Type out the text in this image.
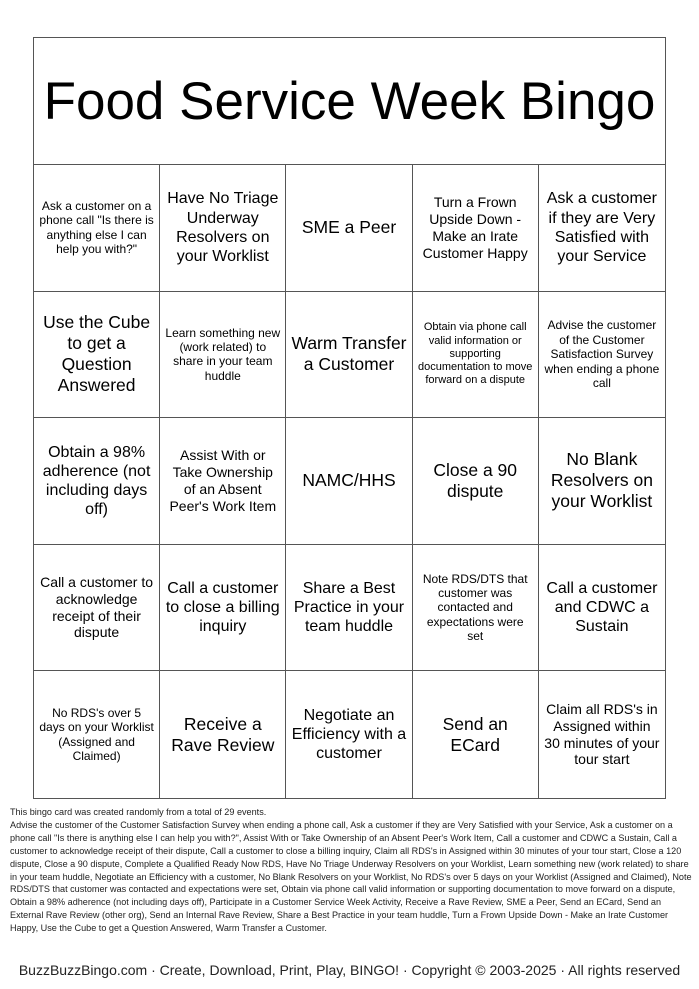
Food Service Week Bingo
Ask a customer on a phone call "Is there is anything else I can help you with?"
Have No Triage Underway Resolvers on your Worklist
SME a Peer
Turn a Frown Upside Down - Make an Irate Customer Happy
Ask a customer if they are Very Satisfied with your Service
Use the Cube to get a Question Answered
Learn something new (work related) to share in your team huddle
Warm Transfer a Customer
Obtain via phone call valid information or supporting documentation to move forward on a dispute
Advise the customer of the Customer Satisfaction Survey when ending a phone call
Obtain a 98% adherence (not including days off)
Assist With or Take Ownership of an Absent Peer's Work Item
NAMC/HHS
Close a 90 dispute
No Blank Resolvers on your Worklist
Call a customer to acknowledge receipt of their dispute
Call a customer to close a billing inquiry
Share a Best Practice in your team huddle
Note RDS/DTS that customer was contacted and expectations were set
Call a customer and CDWC a Sustain
No RDS's over 5 days on your Worklist (Assigned and Claimed)
Receive a Rave Review
Negotiate an Efficiency with a customer
Send an ECard
Claim all RDS's in Assigned within 30 minutes of your tour start

This bingo card was created randomly from a total of 29 events.

Advise the customer of the Customer Satisfaction Survey when ending a phone call, Ask a customer if they are Very Satisfied with your Service, Ask a customer on a phone call "Is there is anything else I can help you with?", Assist With or Take Ownership of an Absent Peer's Work Item, Call a customer and CDWC a Sustain, Call a customer to acknowledge receipt of their dispute, Call a customer to close a billing inquiry, Claim all RDS's in Assigned within 30 minutes of your tour start, Close a 120 dispute, Close a 90 dispute, Complete a Qualified Ready Now RDS, Have No Triage Underway Resolvers on your Worklist, Learn something new (work related) to share in your team huddle, Negotiate an Efficiency with a customer, No Blank Resolvers on your Worklist, No RDS's over 5 days on your Worklist (Assigned and Claimed), Note RDS/DTS that customer was contacted and expectations were set, Obtain via phone call valid information or supporting documentation to move forward on a dispute, Obtain a 98% adherence (not including days off), Participate in a Customer Service Week Activity, Receive a Rave Review, SME a Peer, Send an ECard, Send an External Rave Review (other org), Send an Internal Rave Review, Share a Best Practice in your team huddle, Turn a Frown Upside Down - Make an Irate Customer Happy, Use the Cube to get a Question Answered, Warm Transfer a Customer.

BuzzBuzzBingo.com · Create, Download, Print, Play, BINGO! · Copyright © 2003-2025 · All rights reserved
